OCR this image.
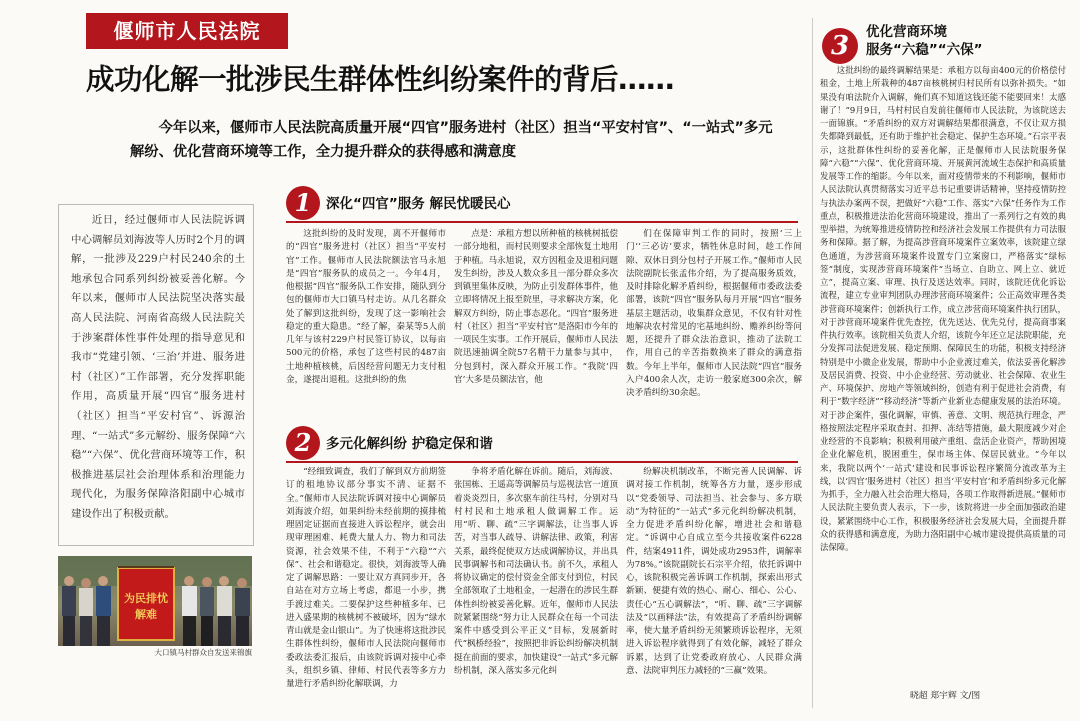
偃师市人民法院
成功化解一批涉民生群体性纠纷案件的背后……

今年以来，偃师市人民法院高质量开展“四官”服务进村（社区）担当“平安村官”、“一站式”多元解纷、优化营商环境等工作，全力提升群众的获得感和满意度

近日，经过偃师市人民法院诉调中心调解员刘海波等人历时2个月的调解，一批涉及229户村民240余的土地承包合同系列纠纷被妥善化解。今年以来，偃师市人民法院坚决落实最高人民法院、河南省高级人民法院关于涉案群体性事件处理的指导意见和我市“党建引领、‘三治’并进、服务进村（社区）”工作部署，充分发挥职能作用，高质量开展“四官”服务进村（社区）担当“平安村官”、诉源治理、“一站式”多元解纷、服务保障“六稳”“六保”、优化营商环境等工作，积极推进基层社会治理体系和治理能力现代化，为服务保障洛阳副中心城市建设作出了积极贡献。

为民排忧
解难
大口镇马村群众自发送来锦旗
1	深化“四官”服务 解民忧暖民心

这批纠纷的及时发现，离不开偃师市的“四官”服务进村（社区）担当“平安村官”工作。偃师市人民法院额法官马永旭是“四官”服务队的成员之一。今年4月，他根据“四官”服务队工作安排，随队到分包的偃师市大口镇马村走访。从几名群众处了解到这批纠纷，发现了这一影响社会稳定的重大隐患。“经了解，秦某等5人前几年与该村229户村民签订协议，以每亩500元的价格，承包了这些村民的487亩土地种植核桃，后因经营问题无力支付租金，遂提出退租。这批纠纷的焦

点是：承租方想以所种植的核桃树抵偿一部分地租，而村民则要求全部恢复土地用于种植。马永旭说，双方因租金及退租问题发生纠纷，涉及人数众多且一部分群众多次到镇里集体反映，为防止引发群体事件，他立即将情况上报至院里，寻求解决方案，化解双方纠纷，防止事态恶化。“四官”服务进村（社区）担当“平安村官”是洛阳市今年的一项民生实事。工作开展后，偃师市人民法院迅速抽调全院57名精干力量参与其中，分包到村，深入群众开展工作。“我院‘四官’大多是员额法官，他

们在保障审判工作的同时，按照‘三上门’‘三必访’要求，牺牲休息时间，趁工作间隙、双休日到分包村子开展工作。”偃师市人民法院副院长张孟伟介绍，为了提高服务质效，及时排除化解矛盾纠纷，根据偃师市委政法委部署，该院“四官”服务队每月开展“四官”服务基层主题活动，收集群众意见，不仅有针对性地解决农村常见的宅基地纠纷、赡养纠纷等问题，还提升了群众法治意识，推动了法院工作，用自己的辛苦指数换来了群众的满意指数。今年上半年，偃师市人民法院“四官”服务入户400余人次，走访一般家庭300余次，解决矛盾纠纷30余起。

2	多元化解纠纷 护稳定保和谐

“经细致调查，我们了解到双方前期签订的租地协议部分事实不清、证据不全。”偃师市人民法院诉调对接中心调解员刘海波介绍，如果纠纷未经前期的摸排梳理固定证据而直接进入诉讼程序，就会出现审理困难、耗费大量人力、物力和司法资源，社会效果不佳，不利于“六稳”“六保”、社会和谐稳定。很快，刘海波等人确定了调解思路：一要让双方真同步开，各自站在对方立场上考虑，都退一小步，携手渡过难关。二要保护这些种植多年、已进入盛果期的核桃树不被破坏，因为“绿水青山就是金山银山”。为了快速将这批涉民生群体性纠纷，偃师市人民法院向偃师市委政法委汇报后，由该院诉调对接中心牵头，组织乡镇、律师、村民代表等多方力量进行矛盾纠纷化解联调，力

争将矛盾化解在诉前。随后，刘海波、张国栋、王遥高等调解员与巡视法官一道顶着炎炎烈日，多次驱车前往马村，分别对马村村民和土地承租人做调解工作。运用“听、聊、疏”三字调解法，让当事人诉苦，对当事人疏导、讲解法律、政策，利害关系，最终促使双方达成调解协议，并出具民事调解书和司法确认书。前不久，承租人将协议确定的偿付资金全部支付到位，村民全部领取了土地租金，一起潜在的涉民生群体性纠纷被妥善化解。近年，偃师市人民法院紧紧围绕“努力让人民群众在每一个司法案件中感受到公平正义”目标，发展新时代“枫桥经验”，按照把非诉讼纠纷解决机制挺在前面的要求，加快建设“一站式”多元解纷机制，深入落实多元化纠

纷解决机制改革，不断完善人民调解、诉调对接工作机制，统筹各方力量，逐步形成以“党委领导、司法担当、社会参与、多方联动”为特征的“一站式”多元化纠纷解决机制，全力促进矛盾纠纷化解，增进社会和谐稳定。“诉调中心自成立至今共接收案件6228件，结案4911件，调处成功2953件，调解率为78%。”该院副院长石宗平介绍，依托诉调中心，该院积极完善诉调工作机制，探索出形式新颖、便捷有效的热心、耐心、细心、公心、责任心“五心调解法”，“听、聊、疏”三字调解法及“以画释法”法，有效提高了矛盾纠纷调解率，使大量矛盾纠纷无须繁琐诉讼程序，无须进入诉讼程序就得到了有效化解，减轻了群众诉累，达到了让党委政府放心、人民群众满意、法院审判压力减轻的“三赢”效果。

3	优化营商环境
服务“六稳”“六保”

这批纠纷的最终调解结果是：承租方以每亩400元的价格偿付租金，土地上所栽种的487亩核桃树归村民所有以弥补损失。“如果没有咱法院介入调解，俺们真不知道这钱还能不能要回来！太感谢了！”9月9日，马村村民自发前往偃师市人民法院，为该院送去一面锦旗。“矛盾纠纷的双方对调解结果都很满意，不仅让双方损失都降到最低，还有助于维护社会稳定、保护生态环境。”石宗平表示，这批群体性纠纷的妥善化解，正是偃师市人民法院服务保障“六稳”“六保”、优化营商环境、开展黄河流域生态保护和高质量发展等工作的缩影。今年以来，面对疫情带来的不利影响，偃师市人民法院认真贯彻落实习近平总书记重要讲话精神，坚持疫情防控与执法办案两不误，把做好“六稳”工作、落实“六保”任务作为工作重点，积极推进法治化营商环境建设，推出了一系列行之有效的典型举措，为统筹推进疫情防控和经济社会发展工作提供有力司法服务和保障。据了解，为提高涉营商环境案件立案效率，该院建立绿色通道，为涉营商环境案件设置专门立案窗口，严格落实“绿标签”制度，实现涉营商环境案件“当场立、自助立、网上立、就近立”，提高立案、审理、执行及送达效率。同时，该院还优化诉讼流程，建立专业审判团队办理涉营商环境案件；公正高效审理各类涉营商环境案件；创新执行工作，成立涉营商环境案件执行团队，对于涉营商环境案件优先查控，优先送达、优先兑付，提高商事案件执行效率。该院相关负责人介绍，该院今年还立足法院职能，充分发挥司法促进发展、稳定预期、保障民生的功能，积极支持经济特别是中小微企业发展，帮助中小企业渡过难关，依法妥善化解涉及居民消费、投资、中小企业经营、劳动就业、社会保障、农业生产、环境保护、房地产等领域纠纷，创造有利于促进社会消费，有利于“数字经济”“移动经济”等新产业新业态健康发展的法治环境。对于涉企案件，强化调解，审慎、善意、文明、规范执行理念，严格按照法定程序采取查封、扣押、冻结等措施，最大限度减少对企业经营的不良影响；积极利用破产重组、盘活企业资产，帮助困境企业化解危机，脱困重生，保市场主体、保居民就业。“今年以来，我院以两个‘一站式’建设和民事诉讼程序繁简分流改革为主线，以‘四官’服务进村（社区）担当‘平安村官’和矛盾纠纷多元化解为抓手，全力融入社会治理大格局，各项工作取得新进展。”偃师市人民法院主要负责人表示，下一步，该院将进一步全面加强政治建设，紧紧围绕中心工作，积极服务经济社会发展大局，全面提升群众的获得感和满意度，为助力洛阳副中心城市建设提供高质量的司法保障。

晓超 郑宇辉 文/图
